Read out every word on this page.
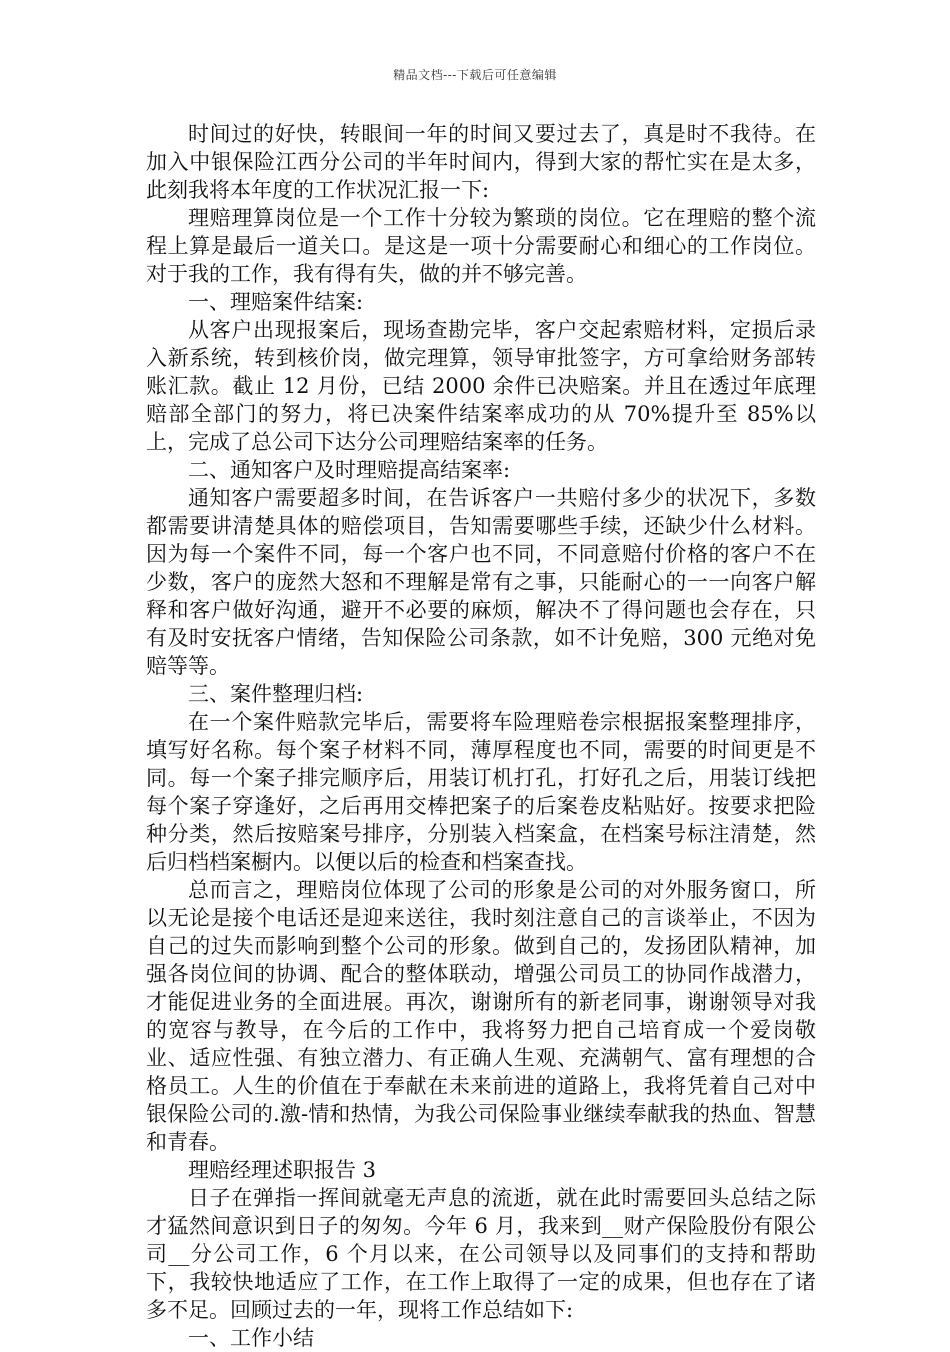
精品文档---下载后可任意编辑

时间过的好快，转眼间一年的时间又要过去了，真是时不我待。在加入中银保险江西分公司的半年时间内，得到大家的帮忙实在是太多，此刻我将本年度的工作状况汇报一下:

理赔理算岗位是一个工作十分较为繁琐的岗位。它在理赔的整个流程上算是最后一道关口。是这是一项十分需要耐心和细心的工作岗位。对于我的工作，我有得有失，做的并不够完善。

一、理赔案件结案:

从客户出现报案后，现场查勘完毕，客户交起索赔材料，定损后录入新系统，转到核价岗，做完理算，领导审批签字，方可拿给财务部转账汇款。截止 12 月份，已结 2000 余件已决赔案。并且在透过年底理赔部全部门的努力，将已决案件结案率成功的从 70%提升至 85%以上，完成了总公司下达分公司理赔结案率的任务。

二、通知客户及时理赔提高结案率:

通知客户需要超多时间，在告诉客户一共赔付多少的状况下，多数都需要讲清楚具体的赔偿项目，告知需要哪些手续，还缺少什么材料。因为每一个案件不同，每一个客户也不同，不同意赔付价格的客户不在少数，客户的庞然大怒和不理解是常有之事，只能耐心的一一向客户解释和客户做好沟通，避开不必要的麻烦，解决不了得问题也会存在，只有及时安抚客户情绪，告知保险公司条款，如不计免赔，300 元绝对免赔等等。

三、案件整理归档:

在一个案件赔款完毕后，需要将车险理赔卷宗根据报案整理排序，填写好名称。每个案子材料不同，薄厚程度也不同，需要的时间更是不同。每一个案子排完顺序后，用装订机打孔，打好孔之后，用装订线把每个案子穿逢好，之后再用交棒把案子的后案卷皮粘贴好。按要求把险种分类，然后按赔案号排序，分别装入档案盒，在档案号标注清楚，然后归档档案橱内。以便以后的检查和档案查找。

总而言之，理赔岗位体现了公司的形象是公司的对外服务窗口，所以无论是接个电话还是迎来送往，我时刻注意自己的言谈举止，不因为自己的过失而影响到整个公司的形象。做到自己的，发扬团队精神，加强各岗位间的协调、配合的整体联动，增强公司员工的协同作战潜力，才能促进业务的全面进展。再次，谢谢所有的新老同事，谢谢领导对我的宽容与教导，在今后的工作中，我将努力把自己培育成一个爱岗敬业、适应性强、有独立潜力、有正确人生观、充满朝气、富有理想的合格员工。人生的价值在于奉献在未来前进的道路上，我将凭着自己对中银保险公司的.激-情和热情，为我公司保险事业继续奉献我的热血、智慧和青春。

理赔经理述职报告 3

日子在弹指一挥间就毫无声息的流逝，就在此时需要回头总结之际才猛然间意识到日子的匆匆。今年 6 月，我来到__财产保险股份有限公司__分公司工作，6 个月以来，在公司领导以及同事们的支持和帮助下，我较快地适应了工作，在工作上取得了一定的成果，但也存在了诸多不足。回顾过去的一年，现将工作总结如下:

一、工作小结
